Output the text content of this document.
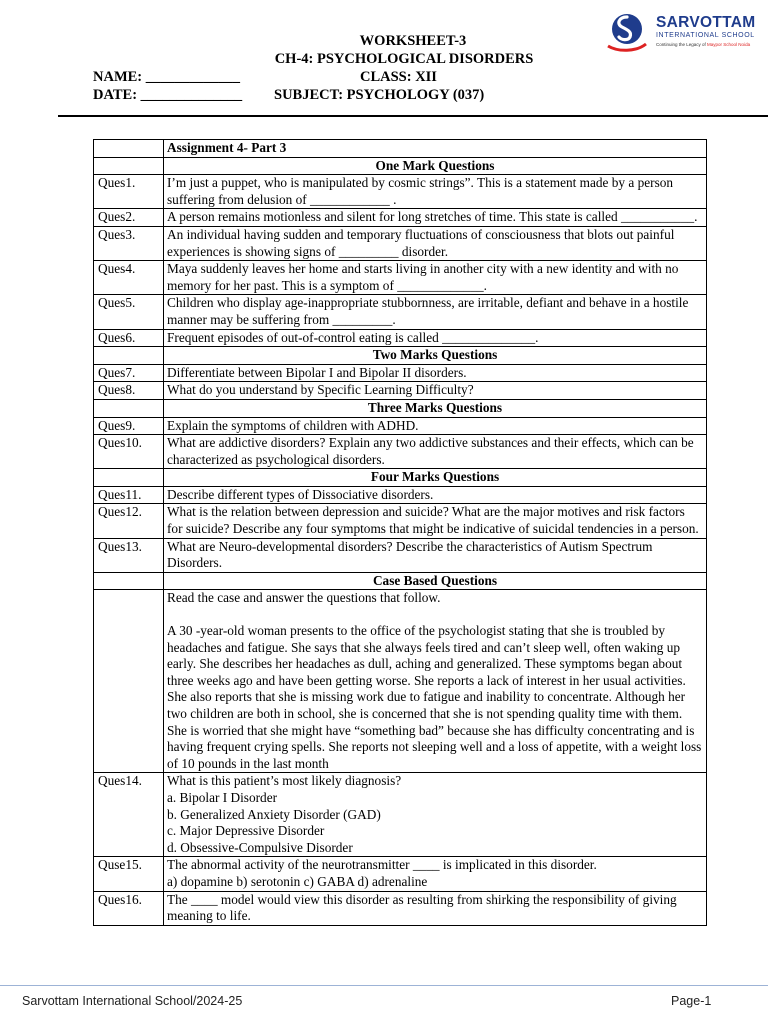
SARVOTTAM
INTERNATIONAL SCHOOL
Continuing the Legacy of Maypor School Noida
WORKSHEET-3
CH-4: PSYCHOLOGICAL DISORDERS
NAME: _____________	CLASS: XII
DATE: ______________ SUBJECT: PSYCHOLOGY (037)
	Assignment 4- Part 3
	One Mark Questions
Ques1.	I’m just a puppet, who is manipulated by cosmic strings”. This is a statement made by a person suffering from delusion of ____________ .
Ques2.	A person remains motionless and silent for long stretches of time. This state is called ___________.
Ques3.	An individual having sudden and temporary fluctuations of consciousness that blots out painful experiences is showing signs of _________ disorder.
Ques4.	Maya suddenly leaves her home and starts living in another city with a new identity and with no memory for her past. This is a symptom of _____________.
Ques5.	Children who display age-inappropriate stubbornness, are irritable, defiant and behave in a hostile manner may be suffering from _________.
Ques6.	Frequent episodes of out-of-control eating is called ______________.
	Two Marks Questions
Ques7.	Differentiate between Bipolar I and Bipolar II disorders.
Ques8.	What do you understand by Specific Learning Difficulty?
	Three Marks Questions
Ques9.	Explain the symptoms of children with ADHD.
Ques10.	What are addictive disorders? Explain any two addictive substances and their effects, which can be characterized as psychological disorders.
	Four Marks Questions
Ques11.	Describe different types of Dissociative disorders.
Ques12.	What is the relation between depression and suicide? What are the major motives and risk factors for suicide? Describe any four symptoms that might be indicative of suicidal tendencies in a person.
Ques13.	What are Neuro-developmental disorders? Describe the characteristics of Autism Spectrum Disorders.
	Case Based Questions

	Read the case and answer the questions that follow.
A 30 -year-old woman presents to the office of the psychologist stating that she is troubled by headaches and fatigue. She says that she always feels tired and can’t sleep well, often waking up early. She describes her headaches as dull, aching and generalized. These symptoms began about three weeks ago and have been getting worse. She reports a lack of interest in her usual activities. She also reports that she is missing work due to fatigue and inability to concentrate. Although her two children are both in school, she is concerned that she is not spending quality time with them. She is worried that she might have “something bad” because she has difficulty concentrating and is having frequent crying spells. She reports not sleeping well and a loss of appetite, with a weight loss of 10 pounds in the last month

Ques14.	What is this patient’s most likely diagnosis?
a. Bipolar I Disorder
b. Generalized Anxiety Disorder (GAD)
c. Major Depressive Disorder
d. Obsessive-Compulsive Disorder

Quse15.	The abnormal activity of the neurotransmitter ____ is implicated in this disorder.
a) dopamine b) serotonin c) GABA d) adrenaline

Ques16.	The ____ model would view this disorder as resulting from shirking the responsibility of giving meaning to life.
Sarvottam International School/2024-25	Page-1
